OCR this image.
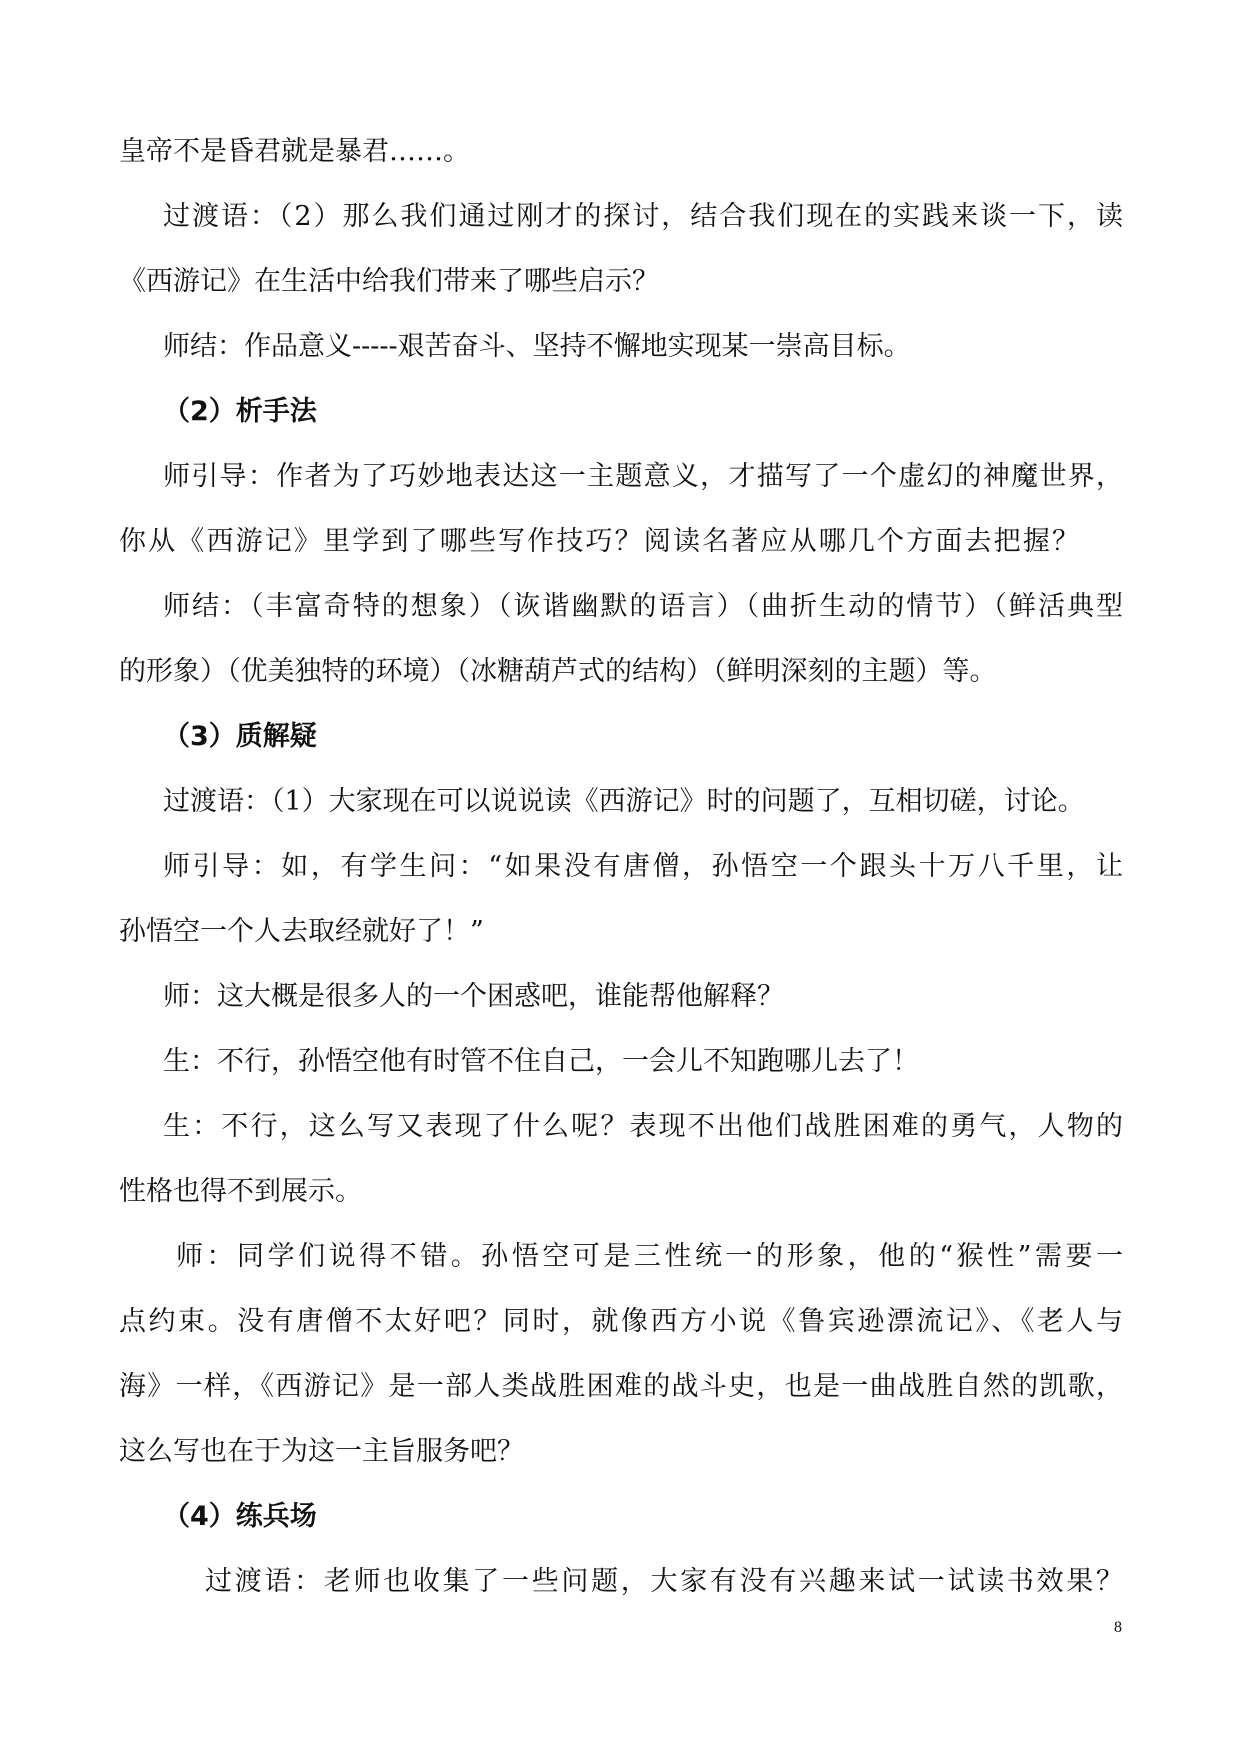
皇帝不是昏君就是暴君……。
过渡语：（2）那么我们通过刚才的探讨，结合我们现在的实践来谈一下，读
《西游记》在生活中给我们带来了哪些启示？
师结：作品意义-----艰苦奋斗、坚持不懈地实现某一崇高目标。
（2）析手法
师引导：作者为了巧妙地表达这一主题意义，才描写了一个虚幻的神魔世界，
你从《西游记》里学到了哪些写作技巧？阅读名著应从哪几个方面去把握？
师结：（丰富奇特的想象）（诙谐幽默的语言）（曲折生动的情节）（鲜活典型
的形象）（优美独特的环境）（冰糖葫芦式的结构）（鲜明深刻的主题）等。
（3）质解疑
过渡语：（1）大家现在可以说说读《西游记》时的问题了，互相切磋，讨论。
师引导：如，有学生问：“如果没有唐僧，孙悟空一个跟头十万八千里，让
孙悟空一个人去取经就好了！”
师：这大概是很多人的一个困惑吧，谁能帮他解释？
生：不行，孙悟空他有时管不住自己，一会儿不知跑哪儿去了！
生：不行，这么写又表现了什么呢？表现不出他们战胜困难的勇气，人物的
性格也得不到展示。
师：同学们说得不错。孙悟空可是三性统一的形象，他的“猴性”需要一
点约束。没有唐僧不太好吧？同时，就像西方小说《鲁宾逊漂流记》、《老人与
海》一样，《西游记》是一部人类战胜困难的战斗史，也是一曲战胜自然的凯歌，
这么写也在于为这一主旨服务吧？
（4）练兵场
过渡语：老师也收集了一些问题，大家有没有兴趣来试一试读书效果？
8
